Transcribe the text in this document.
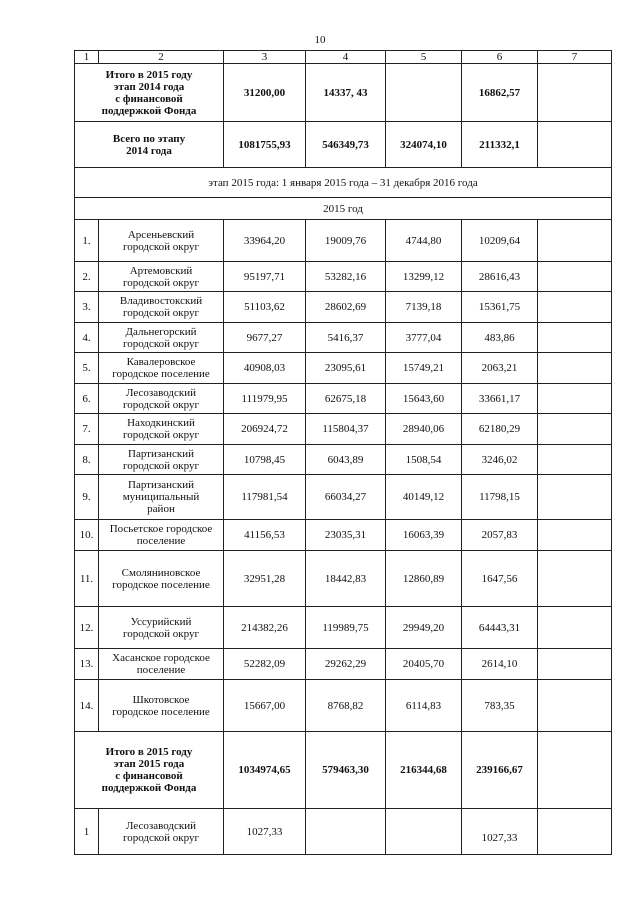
10
1	2	3	4	5	6	7

Итого в 2015 году
этап 2014 года
с финансовой
поддержкой Фонда		31200,00	14337, 43		16862,57	

Всего по этапу
2014 года		1081755,93	546349,73	324074,10	211332,1	
этап 2015 года: 1 января 2015 года – 31 декабря 2016 года						
2015 год						
1.	Арсеньевский
городской округ	33964,20	19009,76	4744,80	10209,64	
2.	Артемовский
городской округ	95197,71	53282,16	13299,12	28616,43	
3.	Владивостокский
городской округ	51103,62	28602,69	7139,18	15361,75	
4.	Дальнегорский
городской округ	9677,27	5416,37	3777,04	483,86	
5.	Кавалеровское
городское поселение	40908,03	23095,61	15749,21	2063,21	
6.	Лесозаводский
городской округ	111979,95	62675,18	15643,60	33661,17	
7.	Находкинский
городской округ	206924,72	115804,37	28940,06	62180,29	
8.	Партизанский
городской округ	10798,45	6043,89	1508,54	3246,02	
9.	Партизанский
муниципальный
район	117981,54	66034,27	40149,12	11798,15	
10.	Посьетское городское
поселение	41156,53	23035,31	16063,39	2057,83	
11.	Смоляниновское
городское поселение	32951,28	18442,83	12860,89	1647,56	
12.	Уссурийский
городской округ	214382,26	119989,75	29949,20	64443,31	
13.	Хасанское городское
поселение	52282,09	29262,29	20405,70	2614,10	
14.	Шкотовское
городское поселение	15667,00	8768,82	6114,83	783,35	

Итого в 2015 году
этап 2015 года
с финансовой
поддержкой Фонда		1034974,65	579463,30	216344,68	239166,67	
1	Лесозаводский
городской округ	1027,33			1027,33	
